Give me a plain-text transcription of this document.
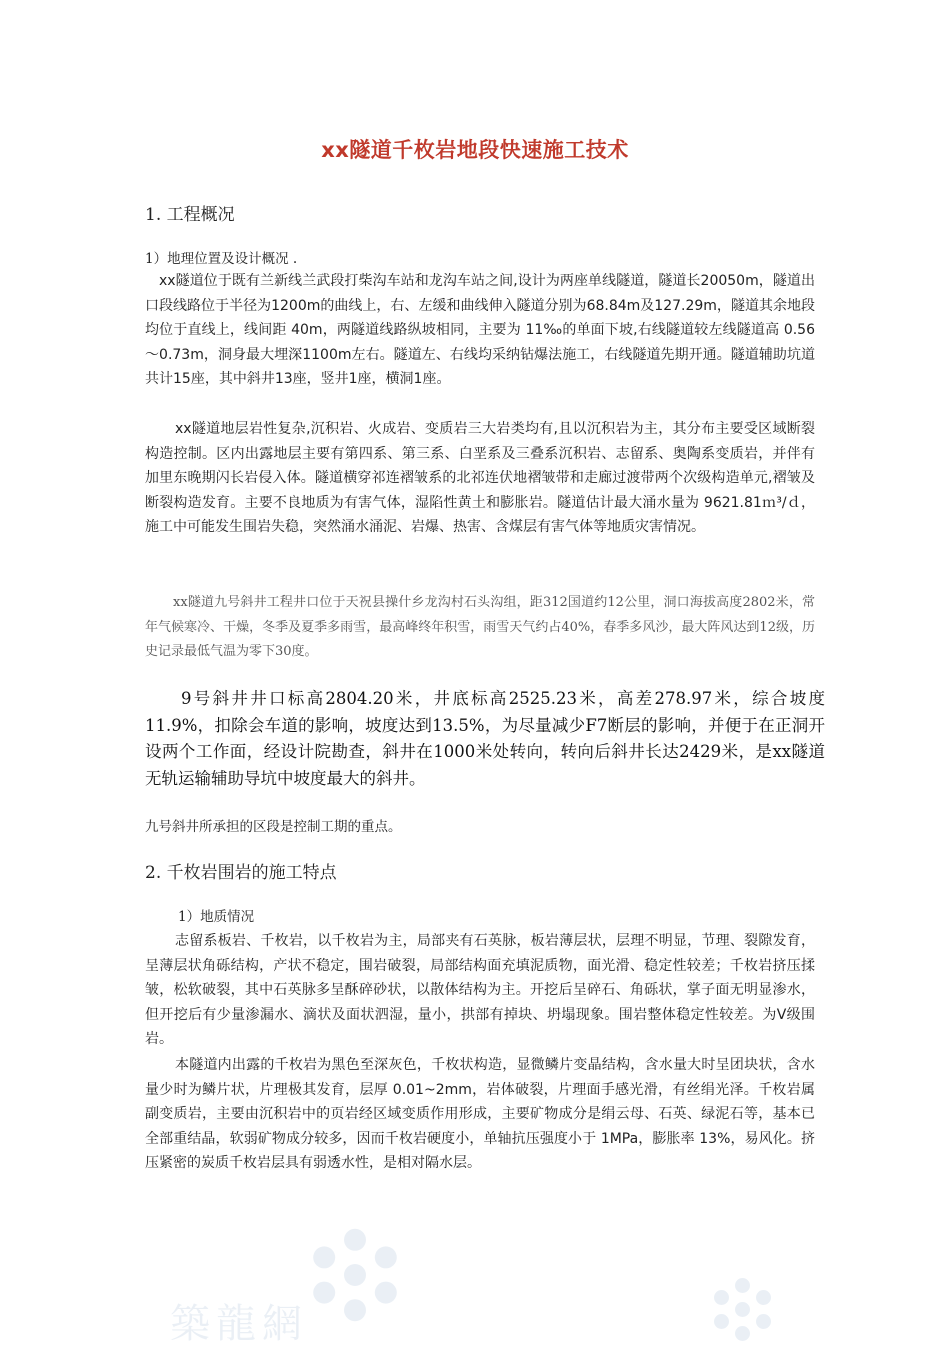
xx隧道千枚岩地段快速施工技术
1. 工程概况
1）地理位置及设计概况 .

xx隧道位于既有兰新线兰武段打柴沟车站和龙沟车站之间,设计为两座单线隧道，隧道长20050m，隧道出口段线路位于半径为1200m的曲线上，右、左缓和曲线伸入隧道分别为68.84m及127.29m，隧道其余地段均位于直线上，线间距 40m，两隧道线路纵坡相同，主要为 11‰的单面下坡,右线隧道较左线隧道高 0.56～0.73m，洞身最大埋深1100m左右。隧道左、右线均采纳钻爆法施工，右线隧道先期开通。隧道辅助坑道共计15座，其中斜井13座，竖井1座，横洞1座。

xx隧道地层岩性复杂,沉积岩、火成岩、变质岩三大岩类均有,且以沉积岩为主，其分布主要受区域断裂构造控制。区内出露地层主要有第四系、第三系、白垩系及三叠系沉积岩、志留系、奥陶系变质岩，并伴有加里东晚期闪长岩侵入体。隧道横穿祁连褶皱系的北祁连伏地褶皱带和走廊过渡带两个次级构造单元,褶皱及断裂构造发育。主要不良地质为有害气体，湿陷性黄土和膨胀岩。隧道估计最大涌水量为 9621.81ｍ³/ｄ，施工中可能发生围岩失稳，突然涌水涌泥、岩爆、热害、含煤层有害气体等地质灾害情况。

xx隧道九号斜井工程井口位于天祝县操什乡龙沟村石头沟组，距312国道约12公里，洞口海拔高度2802米，常年气候寒冷、干燥，冬季及夏季多雨雪，最高峰终年积雪，雨雪天气约占40%，春季多风沙，最大阵风达到12级，历史记录最低气温为零下30度。

9号斜井井口标高2804.20米，井底标高2525.23米，高差278.97米，综合坡度11.9%，扣除会车道的影响，坡度达到13.5%，为尽量减少F7断层的影响，并便于在正洞开设两个工作面，经设计院勘查，斜井在1000米处转向，转向后斜井长达2429米，是xx隧道无轨运输辅助导坑中坡度最大的斜井。

九号斜井所承担的区段是控制工期的重点。
2. 千枚岩围岩的施工特点
1）地质情况

志留系板岩、千枚岩，以千枚岩为主，局部夹有石英脉，板岩薄层状，层理不明显，节理、裂隙发育，呈薄层状角砾结构，产状不稳定，围岩破裂，局部结构面充填泥质物，面光滑、稳定性较差；千枚岩挤压揉皱，松软破裂，其中石英脉多呈酥碎砂状，以散体结构为主。开挖后呈碎石、角砾状，掌子面无明显渗水，但开挖后有少量渗漏水、滴状及面状泗湿，量小，拱部有掉块、坍塌现象。围岩整体稳定性较差。为Ⅴ级围岩。

本隧道内出露的千枚岩为黑色至深灰色，千枚状构造，显微鳞片变晶结构，含水量大时呈团块状，含水量少时为鳞片状，片理极其发育，层厚 0.01~2mm，岩体破裂，片理面手感光滑，有丝绢光泽。千枚岩属副变质岩，主要由沉积岩中的页岩经区域变质作用形成，主要矿物成分是绢云母、石英、绿泥石等，基本已全部重结晶，软弱矿物成分较多，因而千枚岩硬度小，单轴抗压强度小于 1MPa，膨胀率 13%，易风化。挤压紧密的炭质千枚岩层具有弱透水性，是相对隔水层。

築龍網
